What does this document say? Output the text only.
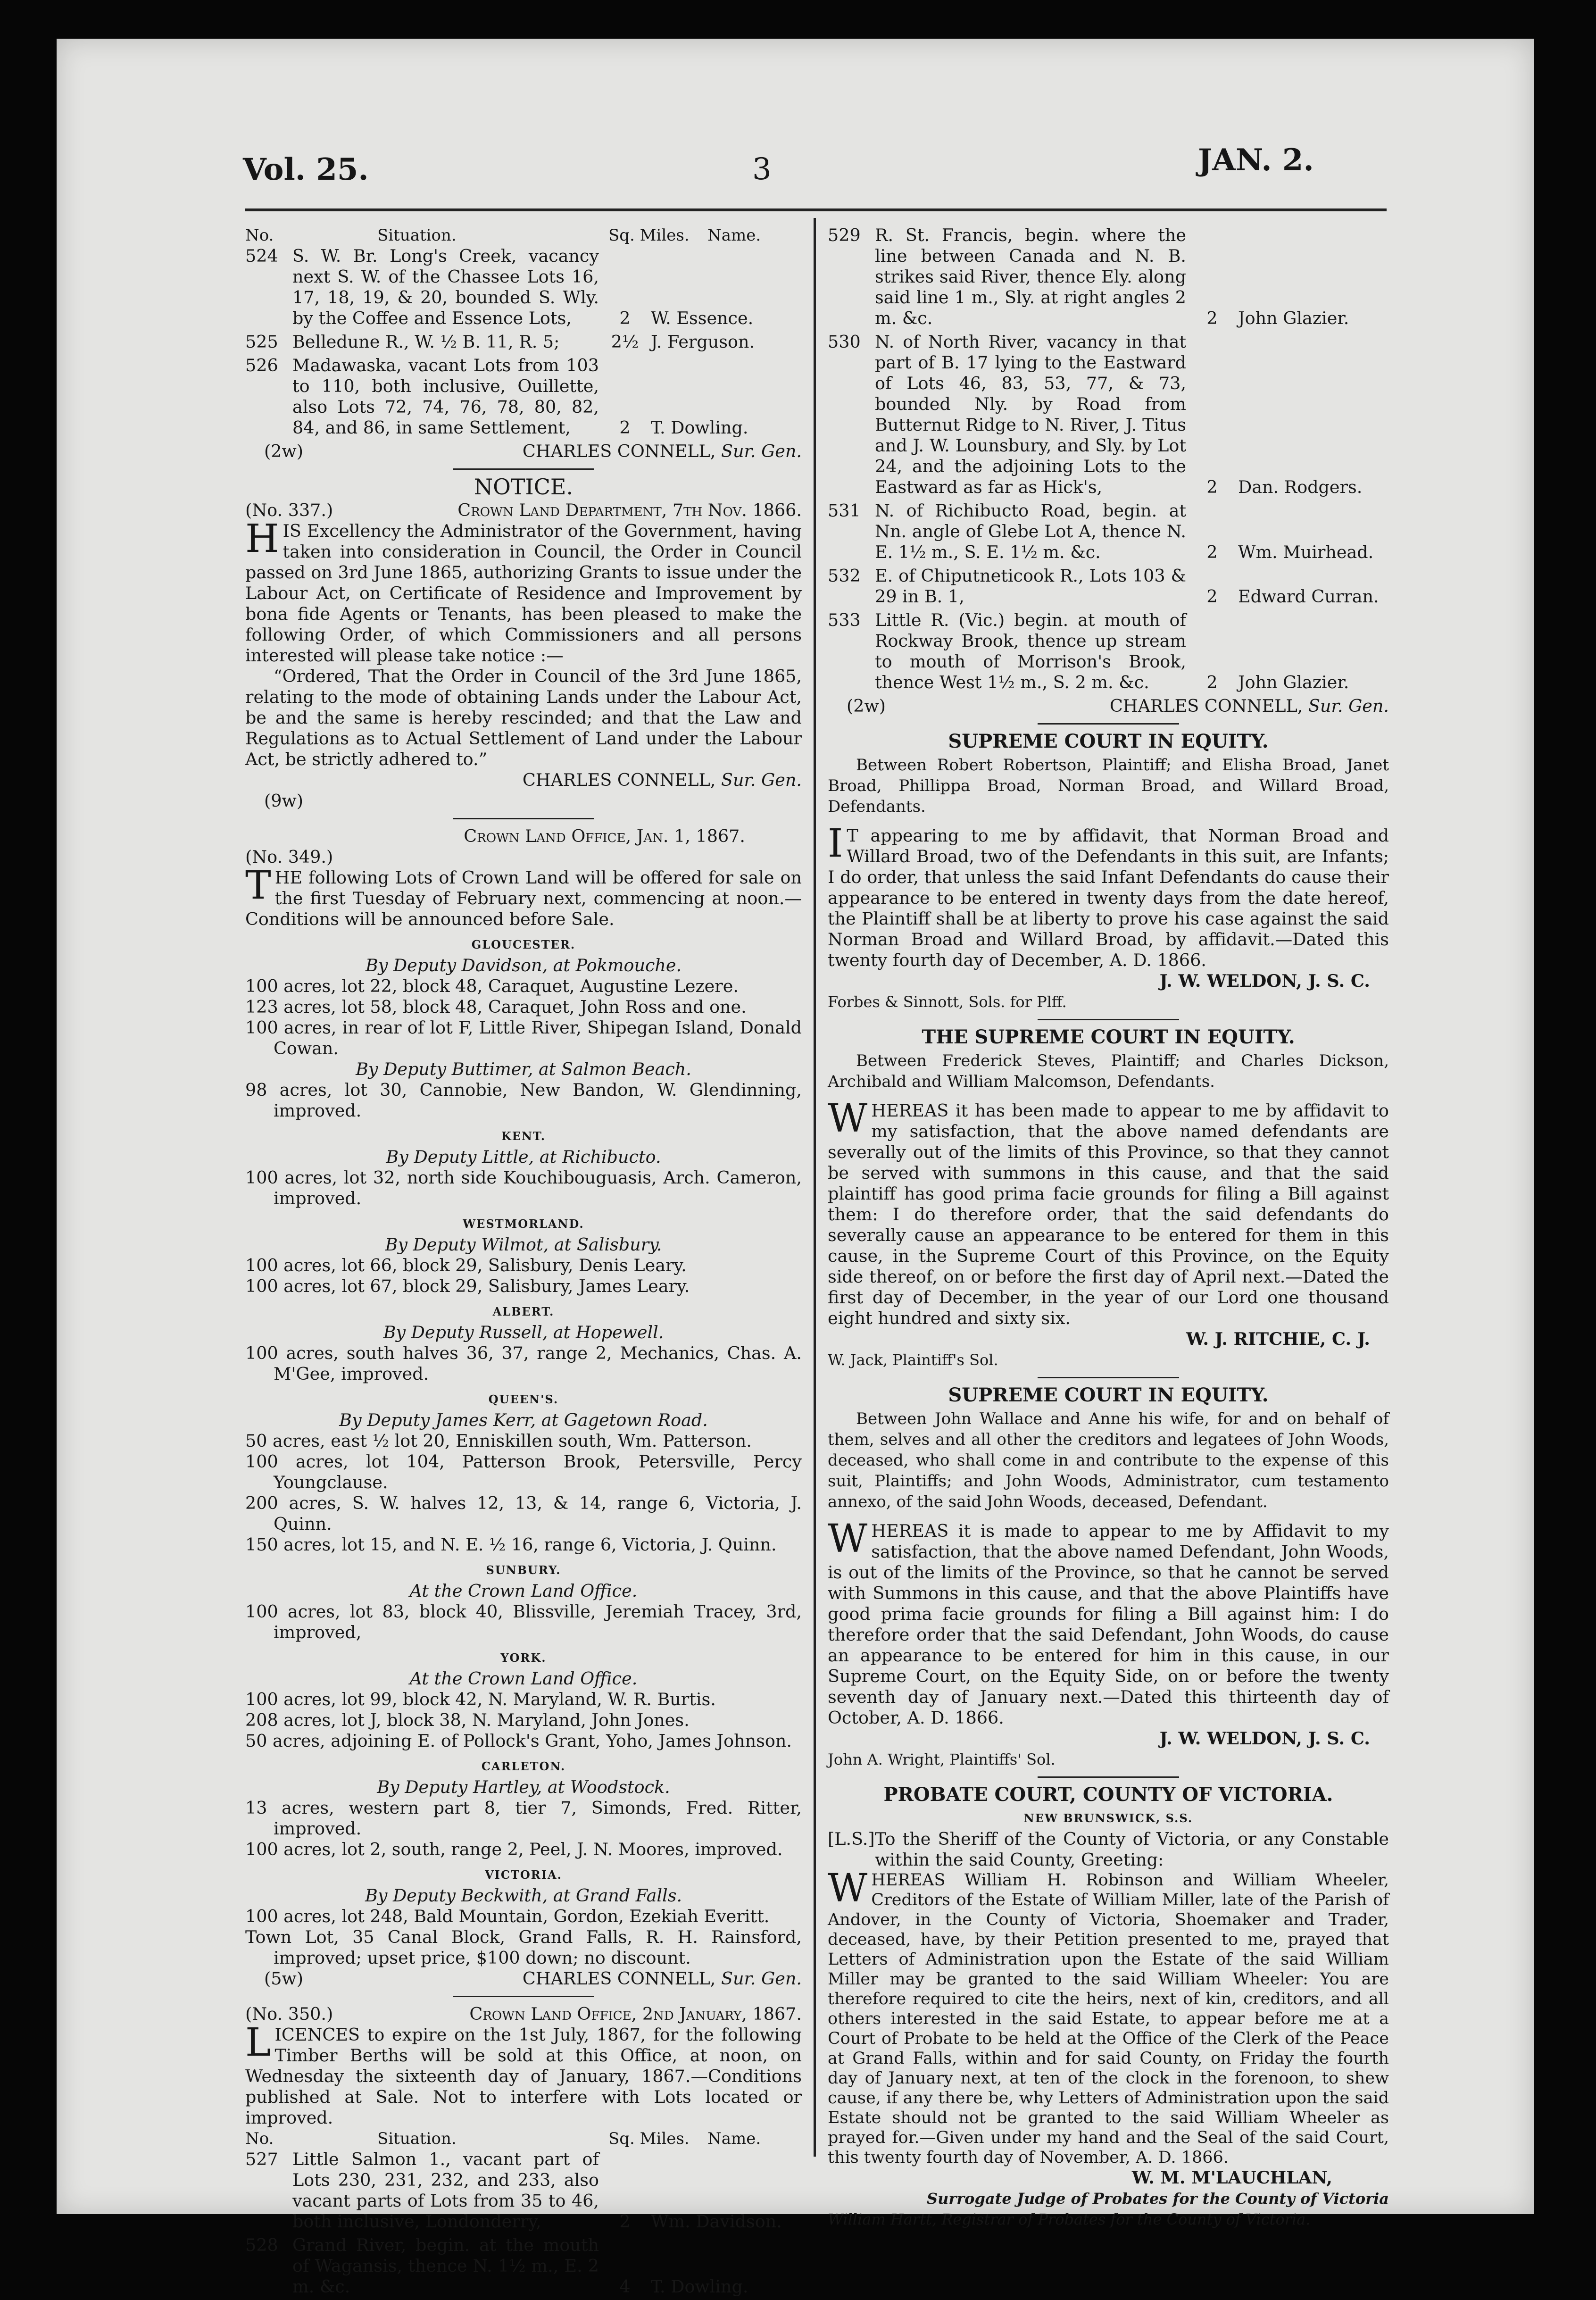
Vol. 25.	3	JAN. 2.
No.	Situation.	Sq. Miles.	Name.
524 S. W. Br. Long's Creek, vacancy next S. W. of the Chassee Lots 16, 17, 18, 19, & 20, bounded S. Wly. by the Coffee and Essence Lots,	2	W. Essence.
525 Belledune R., W. ½ B. 11, R. 5;	2½ J. Ferguson.
526 Madawaska, vacant Lots from 103 to 110, both inclusive, Ouillette, also Lots 72, 74, 76, 78, 80, 82, 84, and 86, in same Settlement,	2	T. Dowling.
(2w)	CHARLES CONNELL, Sur. Gen.
NOTICE.
(No. 337.)	Crown Land Department, 7th Nov. 1866.

HIS Excellency the Administrator of the Government, having taken into consideration in Council, the Order in Council passed on 3rd June 1865, authorizing Grants to issue under the Labour Act, on Certificate of Residence and Improvement by bona fide Agents or Tenants, has been pleased to make the following Order, of which Commissioners and all persons interested will please take notice :—

“Ordered, That the Order in Council of the 3rd June 1865, relating to the mode of obtaining Lands under the Labour Act, be and the same is hereby rescinded; and that the Law and Regulations as to Actual Settlement of Land under the Labour Act, be strictly adhered to.”

CHARLES CONNELL, Sur. Gen.
(9w)
Crown Land Office, Jan. 1, 1867.
(No. 349.)

THE following Lots of Crown Land will be offered for sale on the first Tuesday of February next, commencing at noon.—Conditions will be announced before Sale.

GLOUCESTER.
By Deputy Davidson, at Pokmouche.

100 acres, lot 22, block 48, Caraquet, Augustine Lezere.

123 acres, lot 58, block 48, Caraquet, John Ross and one.

100 acres, in rear of lot F, Little River, Shipegan Island, Donald Cowan.

By Deputy Buttimer, at Salmon Beach.

98 acres, lot 30, Cannobie, New Bandon, W. Glendinning, improved.

KENT.
By Deputy Little, at Richibucto.

100 acres, lot 32, north side Kouchibouguasis, Arch. Cameron, improved.

WESTMORLAND.
By Deputy Wilmot, at Salisbury.

100 acres, lot 66, block 29, Salisbury, Denis Leary.

100 acres, lot 67, block 29, Salisbury, James Leary.

ALBERT.
By Deputy Russell, at Hopewell.

100 acres, south halves 36, 37, range 2, Mechanics, Chas. A. M'Gee, improved.

QUEEN'S.
By Deputy James Kerr, at Gagetown Road.

50 acres, east ½ lot 20, Enniskillen south, Wm. Patterson.

100 acres, lot 104, Patterson Brook, Petersville, Percy Youngclause.

200 acres, S. W. halves 12, 13, & 14, range 6, Victoria, J. Quinn.

150 acres, lot 15, and N. E. ½ 16, range 6, Victoria, J. Quinn.

SUNBURY.
At the Crown Land Office.

100 acres, lot 83, block 40, Blissville, Jeremiah Tracey, 3rd, improved,

YORK.
At the Crown Land Office.

100 acres, lot 99, block 42, N. Maryland, W. R. Burtis.

208 acres, lot J, block 38, N. Maryland, John Jones.

50 acres, adjoining E. of Pollock's Grant, Yoho, James Johnson.

CARLETON.
By Deputy Hartley, at Woodstock.

13 acres, western part 8, tier 7, Simonds, Fred. Ritter, improved.

100 acres, lot 2, south, range 2, Peel, J. N. Moores, improved.

VICTORIA.
By Deputy Beckwith, at Grand Falls.

100 acres, lot 248, Bald Mountain, Gordon, Ezekiah Everitt.

Town Lot, 35 Canal Block, Grand Falls, R. H. Rainsford, improved; upset price, $100 down; no discount.

(5w)	CHARLES CONNELL, Sur. Gen.
(No. 350.)	Crown Land Office, 2nd January, 1867.

LICENCES to expire on the 1st July, 1867, for the following Timber Berths will be sold at this Office, at noon, on Wednesday the sixteenth day of January, 1867.—Conditions published at Sale. Not to interfere with Lots located or improved.

No.	Situation.	Sq. Miles.	Name.
527 Little Salmon 1., vacant part of Lots 230, 231, 232, and 233, also vacant parts of Lots from 35 to 46, both inclusive, Londonderry,	2	Wm. Davidson.
528 Grand River, begin. at the mouth of Wagansis, thence N. 1½ m., E. 2 m. &c.	4	T. Dowling.
529 R. St. Francis, begin. where the line between Canada and N. B. strikes said River, thence Ely. along said line 1 m., Sly. at right angles 2 m. &c.	2	John Glazier.
530 N. of North River, vacancy in that part of B. 17 lying to the Eastward of Lots 46, 83, 53, 77, & 73, bounded Nly. by Road from Butternut Ridge to N. River, J. Titus and J. W. Lounsbury, and Sly. by Lot 24, and the adjoining Lots to the Eastward as far as Hick's,	2	Dan. Rodgers.
531 N. of Richibucto Road, begin. at Nn. angle of Glebe Lot A, thence N. E. 1½ m., S. E. 1½ m. &c.	2	Wm. Muirhead.
532 E. of Chiputneticook R., Lots 103 & 29 in B. 1,	2	Edward Curran.
533 Little R. (Vic.) begin. at mouth of Rockway Brook, thence up stream to mouth of Morrison's Brook, thence West 1½ m., S. 2 m. &c.	2	John Glazier.
(2w)	CHARLES CONNELL, Sur. Gen.
SUPREME COURT IN EQUITY.

Between Robert Robertson, Plaintiff; and Elisha Broad, Janet Broad, Phillippa Broad, Norman Broad, and Willard Broad, Defendants.

I T appearing to me by affidavit, that Norman Broad and Willard Broad, two of the Defendants in this suit, are Infants; I do order, that unless the said Infant Defendants do cause their appearance to be entered in twenty days from the date hereof, the Plaintiff shall be at liberty to prove his case against the said Norman Broad and Willard Broad, by affidavit.—Dated this twenty fourth day of December, A. D. 1866.

J. W. WELDON, J. S. C.
Forbes & Sinnott, Sols. for Plff.
THE SUPREME COURT IN EQUITY.

Between Frederick Steves, Plaintiff; and Charles Dickson, Archibald and William Malcomson, Defendants.

WHEREAS it has been made to appear to me by affidavit to my satisfaction, that the above named defendants are severally out of the limits of this Province, so that they cannot be served with summons in this cause, and that the said plaintiff has good prima facie grounds for filing a Bill against them: I do therefore order, that the said defendants do severally cause an appearance to be entered for them in this cause, in the Supreme Court of this Province, on the Equity side thereof, on or before the first day of April next.—Dated the first day of December, in the year of our Lord one thousand eight hundred and sixty six.

W. J. RITCHIE, C. J.
W. Jack, Plaintiff's Sol.
SUPREME COURT IN EQUITY.

Between John Wallace and Anne his wife, for and on behalf of them, selves and all other the creditors and legatees of John Woods, deceased, who shall come in and contribute to the expense of this suit, Plaintiffs; and John Woods, Administrator, cum testamento annexo, of the said John Woods, deceased, Defendant.

WHEREAS it is made to appear to me by Affidavit to my satisfaction, that the above named Defendant, John Woods, is out of the limits of the Province, so that he cannot be served with Summons in this cause, and that the above Plaintiffs have good prima facie grounds for filing a Bill against him: I do therefore order that the said Defendant, John Woods, do cause an appearance to be entered for him in this cause, in our Supreme Court, on the Equity Side, on or before the twenty seventh day of January next.—Dated this thirteenth day of October, A. D. 1866.

J. W. WELDON, J. S. C.
John A. Wright, Plaintiffs' Sol.
PROBATE COURT, COUNTY OF VICTORIA.
NEW BRUNSWICK, S.S.
[L.S.] To the Sheriff of the County of Victoria, or any Constable within the said County, Greeting:

WHEREAS William H. Robinson and William Wheeler, Creditors of the Estate of William Miller, late of the Parish of Andover, in the County of Victoria, Shoemaker and Trader, deceased, have, by their Petition presented to me, prayed that Letters of Administration upon the Estate of the said William Miller may be granted to the said William Wheeler: You are therefore required to cite the heirs, next of kin, creditors, and all others interested in the said Estate, to appear before me at a Court of Probate to be held at the Office of the Clerk of the Peace at Grand Falls, within and for said County, on Friday the fourth day of January next, at ten of the clock in the forenoon, to shew cause, if any there be, why Letters of Administration upon the said Estate should not be granted to the said William Wheeler as prayed for.—Given under my hand and the Seal of the said Court, this twenty fourth day of November, A. D. 1866.

W. M. M'LAUCHLAN,
Surrogate Judge of Probates for the County of Victoria
William Hartt, Registrar of Probates for the County of Victoria.
